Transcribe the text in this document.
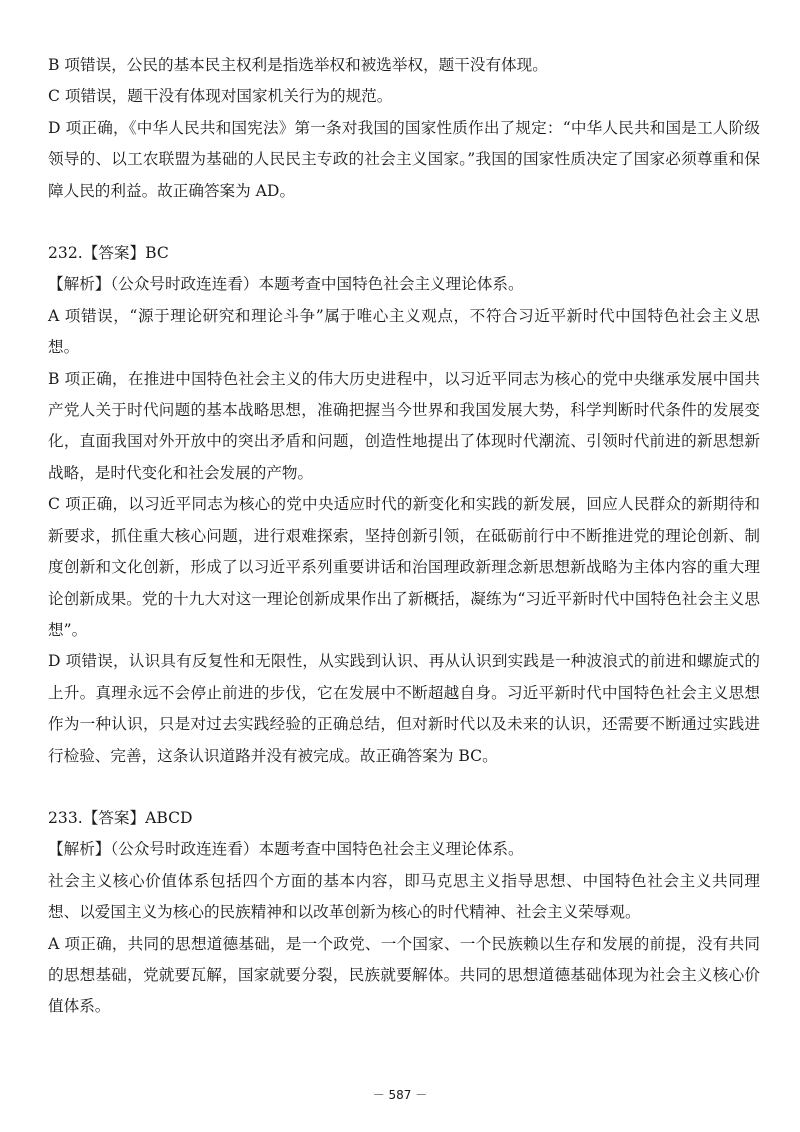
B 项错误，公民的基本民主权利是指选举权和被选举权，题干没有体现。

C 项错误，题干没有体现对国家机关行为的规范。

D 项正确，《中华人民共和国宪法》第一条对我国的国家性质作出了规定：“中华人民共和国是工人阶级领导的、以工农联盟为基础的人民民主专政的社会主义国家。”我国的国家性质决定了国家必须尊重和保障人民的利益。故正确答案为 AD。

232.【答案】BC

【解析】（公众号时政连连看）本题考查中国特色社会主义理论体系。

A 项错误，“源于理论研究和理论斗争”属于唯心主义观点，不符合习近平新时代中国特色社会主义思想。

B 项正确，在推进中国特色社会主义的伟大历史进程中，以习近平同志为核心的党中央继承发展中国共产党人关于时代问题的基本战略思想，准确把握当今世界和我国发展大势，科学判断时代条件的发展变化，直面我国对外开放中的突出矛盾和问题，创造性地提出了体现时代潮流、引领时代前进的新思想新战略，是时代变化和社会发展的产物。

C 项正确，以习近平同志为核心的党中央适应时代的新变化和实践的新发展，回应人民群众的新期待和新要求，抓住重大核心问题，进行艰难探索，坚持创新引领，在砥砺前行中不断推进党的理论创新、制度创新和文化创新，形成了以习近平系列重要讲话和治国理政新理念新思想新战略为主体内容的重大理论创新成果。党的十九大对这一理论创新成果作出了新概括，凝练为“习近平新时代中国特色社会主义思想”。

D 项错误，认识具有反复性和无限性，从实践到认识、再从认识到实践是一种波浪式的前进和螺旋式的上升。真理永远不会停止前进的步伐，它在发展中不断超越自身。习近平新时代中国特色社会主义思想作为一种认识，只是对过去实践经验的正确总结，但对新时代以及未来的认识，还需要不断通过实践进行检验、完善，这条认识道路并没有被完成。故正确答案为 BC。

233.【答案】ABCD

【解析】（公众号时政连连看）本题考查中国特色社会主义理论体系。

社会主义核心价值体系包括四个方面的基本内容，即马克思主义指导思想、中国特色社会主义共同理想、以爱国主义为核心的民族精神和以改革创新为核心的时代精神、社会主义荣辱观。

A 项正确，共同的思想道德基础，是一个政党、一个国家、一个民族赖以生存和发展的前提，没有共同的思想基础，党就要瓦解，国家就要分裂，民族就要解体。共同的思想道德基础体现为社会主义核心价值体系。

－ 587 －
